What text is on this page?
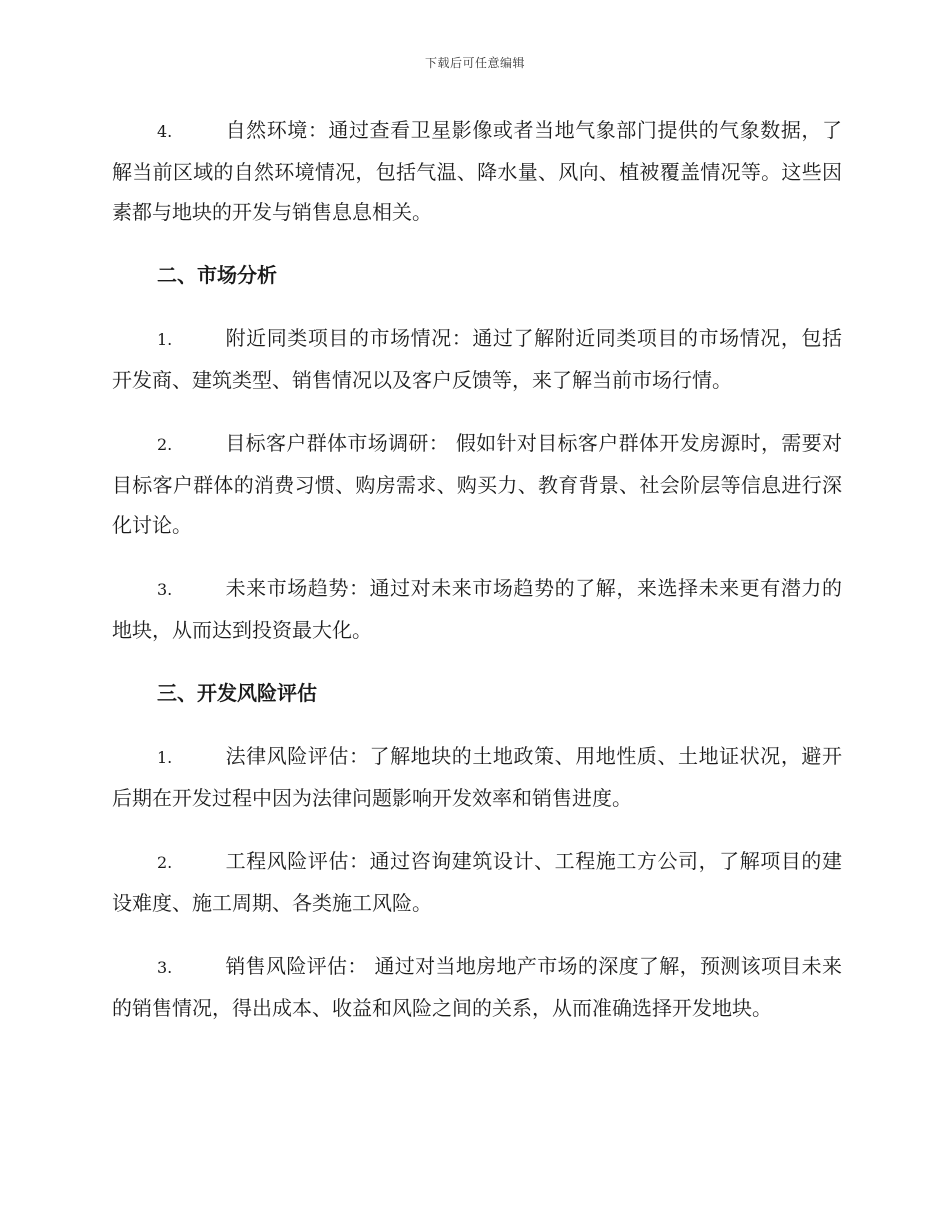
下载后可任意编辑

4.	自然环境：通过查看卫星影像或者当地气象部门提供的气象数据，了解当前区域的自然环境情况，包括气温、降水量、风向、植被覆盖情况等。这些因素都与地块的开发与销售息息相关。

二、市场分析

1.	附近同类项目的市场情况：通过了解附近同类项目的市场情况，包括开发商、建筑类型、销售情况以及客户反馈等，来了解当前市场行情。

2.	目标客户群体市场调研： 假如针对目标客户群体开发房源时，需要对目标客户群体的消费习惯、购房需求、购买力、教育背景、社会阶层等信息进行深化讨论。

3.	未来市场趋势：通过对未来市场趋势的了解，来选择未来更有潜力的地块，从而达到投资最大化。

三、开发风险评估

1.	法律风险评估：了解地块的土地政策、用地性质、土地证状况，避开后期在开发过程中因为法律问题影响开发效率和销售进度。

2.	工程风险评估：通过咨询建筑设计、工程施工方公司，了解项目的建设难度、施工周期、各类施工风险。

3.	销售风险评估： 通过对当地房地产市场的深度了解，预测该项目未来的销售情况，得出成本、收益和风险之间的关系，从而准确选择开发地块。
